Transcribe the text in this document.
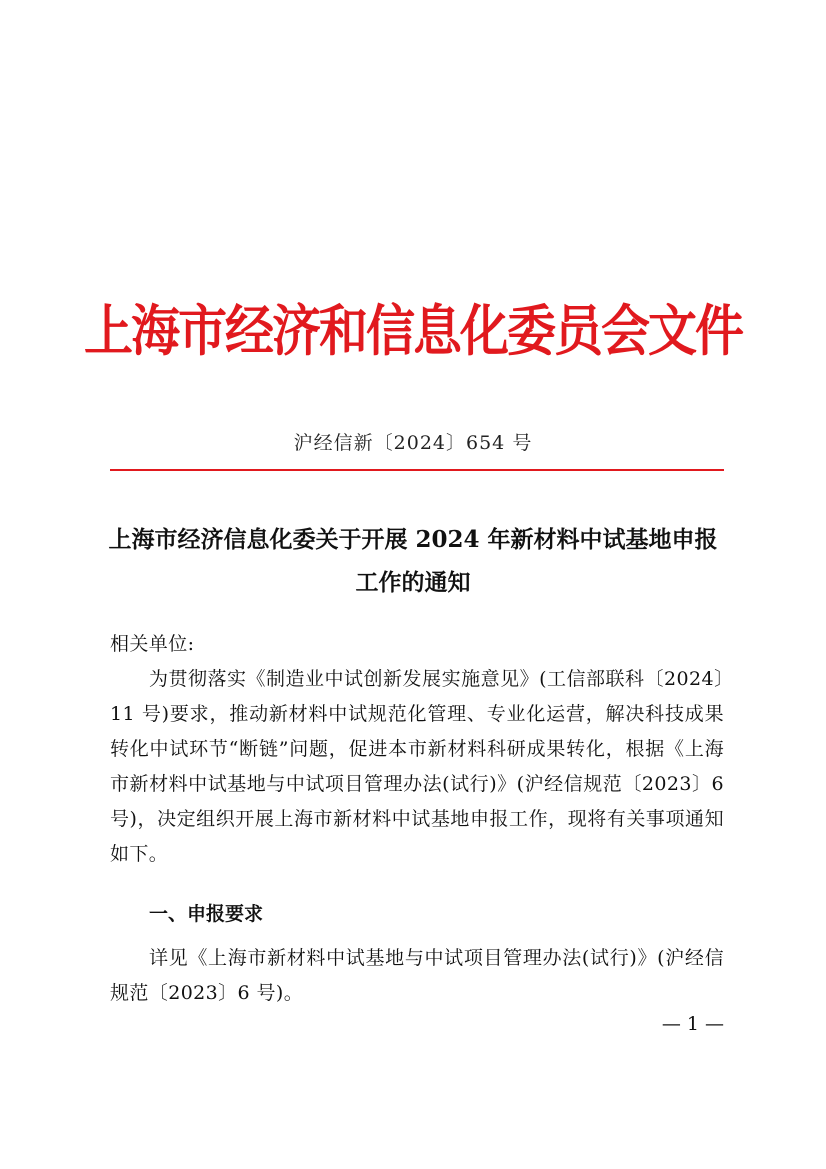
上海市经济和信息化委员会文件
沪经信新〔2024〕654 号
上海市经济信息化委关于开展 2024 年新材料中试基地申报工作的通知
相关单位:
为贯彻落实《制造业中试创新发展实施意见》(工信部联科〔2024〕11 号)要求，推动新材料中试规范化管理、专业化运营，解决科技成果转化中试环节“断链”问题，促进本市新材料科研成果转化，根据《上海市新材料中试基地与中试项目管理办法(试行)》(沪经信规范〔2023〕6 号)，决定组织开展上海市新材料中试基地申报工作，现将有关事项通知如下。
一、申报要求
详见《上海市新材料中试基地与中试项目管理办法(试行)》(沪经信规范〔2023〕6 号)。
— 1 —
